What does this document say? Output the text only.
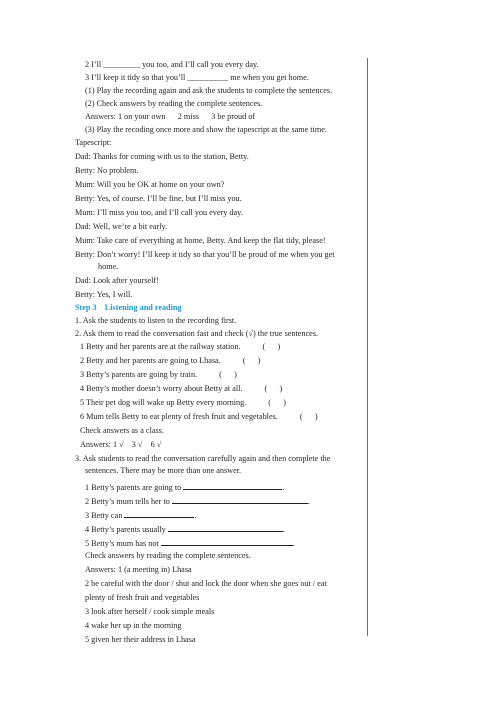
2 I’ll _________ you too, and I’ll call you every day.
3 I’ll keep it tidy so that you’ll __________ me when you get home.
(1) Play the recording again and ask the students to complete the sentences.
(2) Check answers by reading the complete sentences.
Answers: 1 on your own      2 miss      3 be proud of
(3) Play the recoding once more and show the tapescript at the same time.
Tapescript:
Dad: Thanks for coming with us to the station, Betty.
Betty: No problem.
Mum: Will you be OK at home on your own?
Betty: Yes, of course. I’ll be fine, but I’ll miss you.
Mum: I’ll miss you too, and I’ll call you every day.
Dad: Well, we’re a bit early.
Mum: Take care of everything at home, Betty. And keep the flat tidy, please!
Betty: Don’t worry! I’ll keep it tidy so that you’ll be proud of me when you get
home.
Dad: Look after yourself!
Betty: Yes, I will.
Step 3    Listening and reading
1. Ask the students to listen to the recording first.
2. Ask them to read the conversation fast and check (√) the true sentences.
1 Betty and her parents are at the railway station.	(      )
2 Betty and her parents are going to Lhasa.	(      )
3 Betty’s parents are going by train.	(      )
4 Betty’s mother doesn’t worry about Betty at all.	(      )
5 Their pet dog will wake up Betty every morning.	(      )
6 Mum tells Betty to eat plenty of fresh fruit and vegetables.	(      )
Check answers as a class.
Answers: 1 √    3 √    6 √
3. Ask students to read the conversation carefully again and then complete the
sentences. There may be more than one answer.
1 Betty’s parents are going to	.
2 Betty’s mum tells her to	.
3 Betty can	.
4 Betty’s parents usually	.
5 Betty’s mum has not	.
Check answers by reading the complete sentences.
Answers: 1 (a meeting in) Lhasa
2 be careful with the door / shut and lock the door when she goes out / eat
plenty of fresh fruit and vegetables
3 look after herself / cook simple meals
4 wake her up in the morning
5 given her their address in Lhasa
